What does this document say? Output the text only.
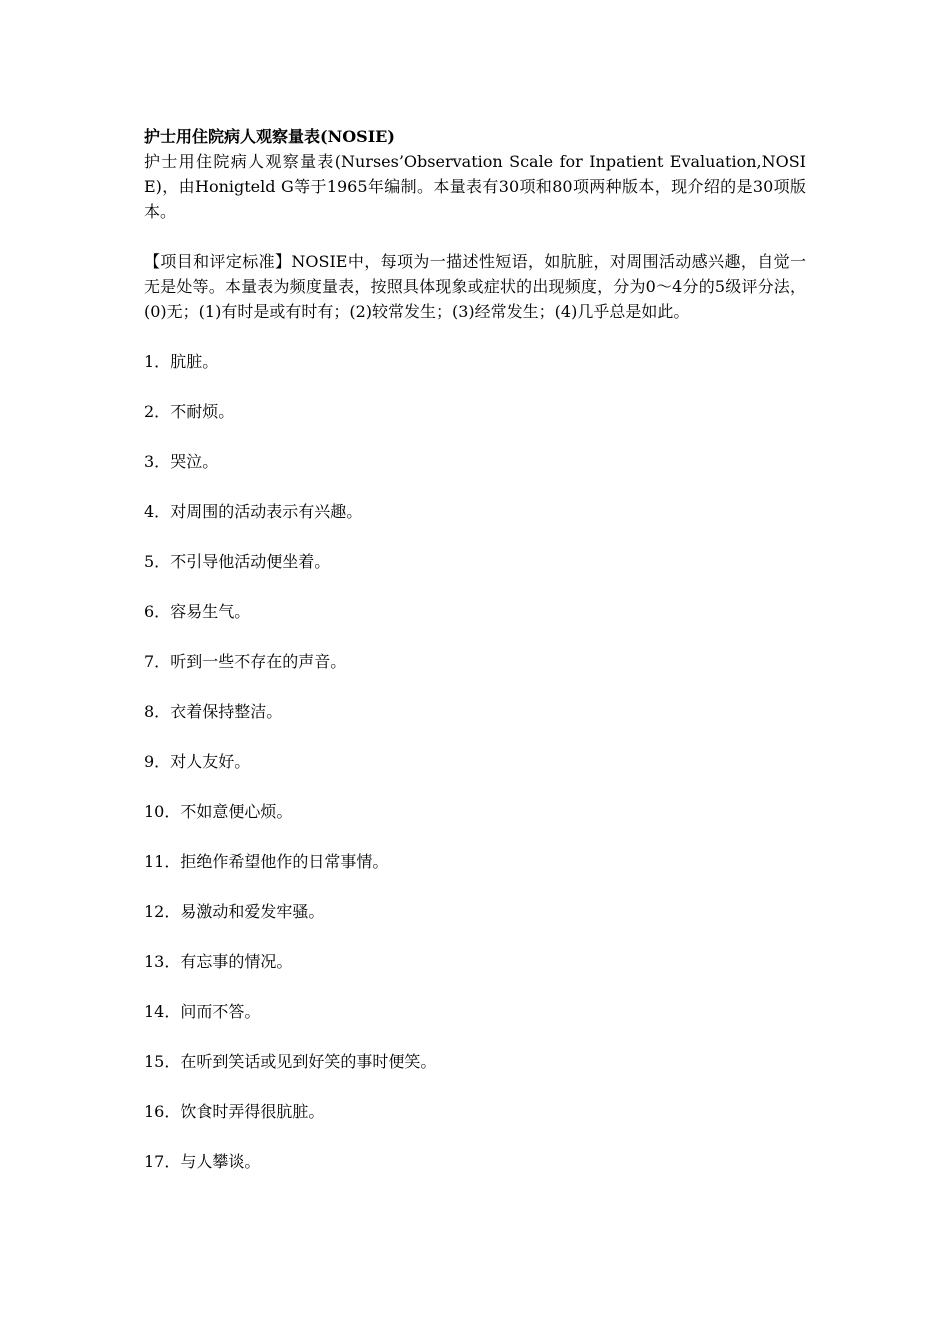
护士用住院病人观察量表(NOSIE)

护士用住院病人观察量表(Nurses’Observation Scale for Inpatient Evaluation,NOSIE)，由Honigteld G等于1965年编制。本量表有30项和80项两种版本，现介绍的是30项版本。

【项目和评定标准】NOSIE中，每项为一描述性短语，如肮脏，对周围活动感兴趣，自觉一无是处等。本量表为频度量表，按照具体现象或症状的出现频度，分为0～4分的5级评分法，(0)无；(1)有时是或有时有；(2)较常发生；(3)经常发生；(4)几乎总是如此。

1．肮脏。
2．不耐烦。
3．哭泣。
4．对周围的活动表示有兴趣。
5．不引导他活动便坐着。
6．容易生气。
7．听到一些不存在的声音。
8．衣着保持整洁。
9．对人友好。
10．不如意便心烦。
11．拒绝作希望他作的日常事情。
12．易激动和爱发牢骚。
13．有忘事的情况。
14．问而不答。
15．在听到笑话或见到好笑的事时便笑。
16．饮食时弄得很肮脏。
17．与人攀谈。
